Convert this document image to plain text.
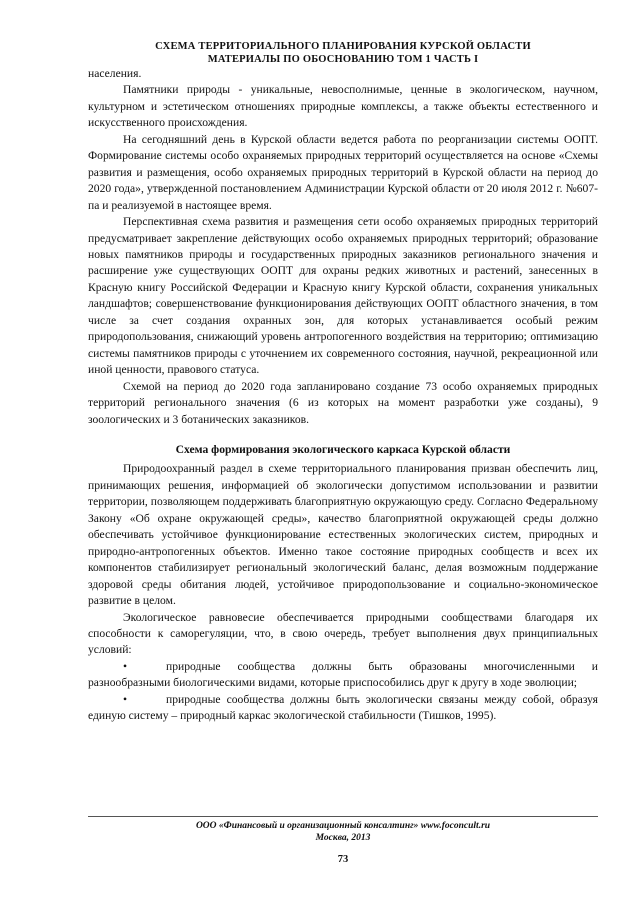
СХЕМА ТЕРРИТОРИАЛЬНОГО ПЛАНИРОВАНИЯ КУРСКОЙ ОБЛАСТИ
МАТЕРИАЛЫ ПО ОБОСНОВАНИЮ ТОМ 1 ЧАСТЬ I

населения.

Памятники природы - уникальные, невосполнимые, ценные в экологическом, научном, культурном и эстетическом отношениях природные комплексы, а также объекты естественного и искусственного происхождения.

На сегодняшний день в Курской области ведется работа по реорганизации системы ООПТ. Формирование системы особо охраняемых природных территорий осуществляется на основе «Схемы развития и размещения, особо охраняемых природных территорий в Курской области на период до 2020 года», утвержденной постановлением Администрации Курской области от 20 июля 2012 г. №607-па и реализуемой в настоящее время.

Перспективная схема развития и размещения сети особо охраняемых природных территорий предусматривает закрепление действующих особо охраняемых природных территорий; образование новых памятников природы и государственных природных заказников регионального значения и расширение уже существующих ООПТ для охраны редких животных и растений, занесенных в Красную книгу Российской Федерации и Красную книгу Курской области, сохранения уникальных ландшафтов; совершенствование функционирования действующих ООПТ областного значения, в том числе за счет создания охранных зон, для которых устанавливается особый режим природопользования, снижающий уровень антропогенного воздействия на территорию; оптимизацию системы памятников природы с уточнением их современного состояния, научной, рекреационной или иной ценности, правового статуса.

Схемой на период до 2020 года запланировано создание 73 особо охраняемых природных территорий регионального значения (6 из которых на момент разработки уже созданы), 9 зоологических и 3 ботанических заказников.

Схема формирования экологического каркаса Курской области

Природоохранный раздел в схеме территориального планирования призван обеспечить лиц, принимающих решения, информацией об экологически допустимом использовании и развитии территории, позволяющем поддерживать благоприятную окружающую среду. Согласно Федеральному Закону «Об охране окружающей среды», качество благоприятной окружающей среды должно обеспечивать устойчивое функционирование естественных экологических систем, природных и природно-антропогенных объектов. Именно такое состояние природных сообществ и всех их компонентов стабилизирует региональный экологический баланс, делая возможным поддержание здоровой среды обитания людей, устойчивое природопользование и социально-экономическое развитие в целом.

Экологическое равновесие обеспечивается природными сообществами благодаря их способности к саморегуляции, что, в свою очередь, требует выполнения двух принципиальных условий:

•	природные сообщества должны быть образованы многочисленными и разнообразными биологическими видами, которые приспособились друг к другу в ходе эволюции;
•	природные сообщества должны быть экологически связаны между собой, образуя единую систему – природный каркас экологической стабильности (Тишков, 1995).
ООО «Финансовый и организационный консалтинг» www.foconcult.ru
Москва, 2013
73
